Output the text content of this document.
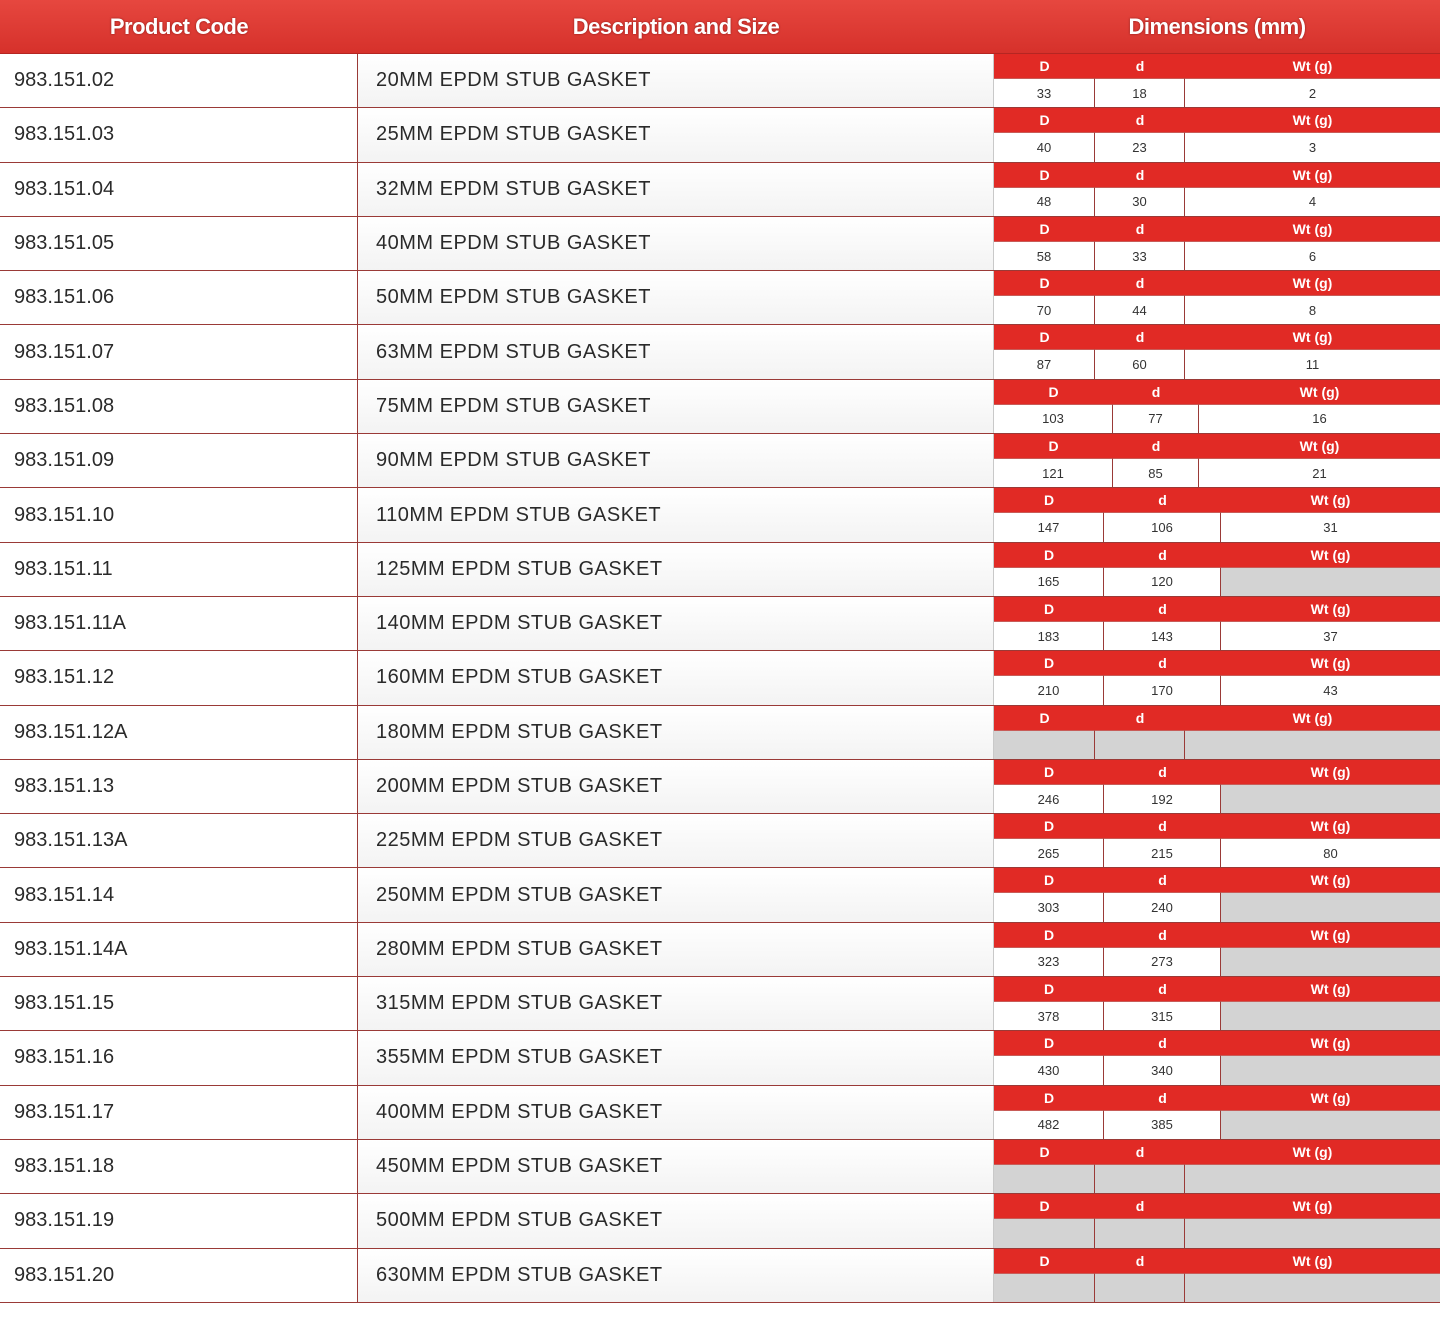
Product Code	Description and Size	Dimensions (mm)
983.151.02	20MM EPDM STUB GASKET
D	d	Wt (g)
33	18	2
983.151.03	25MM EPDM STUB GASKET
D	d	Wt (g)
40	23	3
983.151.04	32MM EPDM STUB GASKET
D	d	Wt (g)
48	30	4
983.151.05	40MM EPDM STUB GASKET
D	d	Wt (g)
58	33	6
983.151.06	50MM EPDM STUB GASKET
D	d	Wt (g)
70	44	8
983.151.07	63MM EPDM STUB GASKET
D	d	Wt (g)
87	60	11
983.151.08	75MM EPDM STUB GASKET
D	d	Wt (g)
103	77	16
983.151.09	90MM EPDM STUB GASKET
D	d	Wt (g)
121	85	21
983.151.10	110MM EPDM STUB GASKET
D	d	Wt (g)
147	106	31
983.151.11	125MM EPDM STUB GASKET
D	d	Wt (g)
165	120
983.151.11A	140MM EPDM STUB GASKET
D	d	Wt (g)
183	143	37
983.151.12	160MM EPDM STUB GASKET
D	d	Wt (g)
210	170	43
983.151.12A	180MM EPDM STUB GASKET
D	d	Wt (g)
983.151.13	200MM EPDM STUB GASKET
D	d	Wt (g)
246	192
983.151.13A	225MM EPDM STUB GASKET
D	d	Wt (g)
265	215	80
983.151.14	250MM EPDM STUB GASKET
D	d	Wt (g)
303	240
983.151.14A	280MM EPDM STUB GASKET
D	d	Wt (g)
323	273
983.151.15	315MM EPDM STUB GASKET
D	d	Wt (g)
378	315
983.151.16	355MM EPDM STUB GASKET
D	d	Wt (g)
430	340
983.151.17	400MM EPDM STUB GASKET
D	d	Wt (g)
482	385
983.151.18	450MM EPDM STUB GASKET
D	d	Wt (g)
983.151.19	500MM EPDM STUB GASKET
D	d	Wt (g)
983.151.20	630MM EPDM STUB GASKET
D	d	Wt (g)
